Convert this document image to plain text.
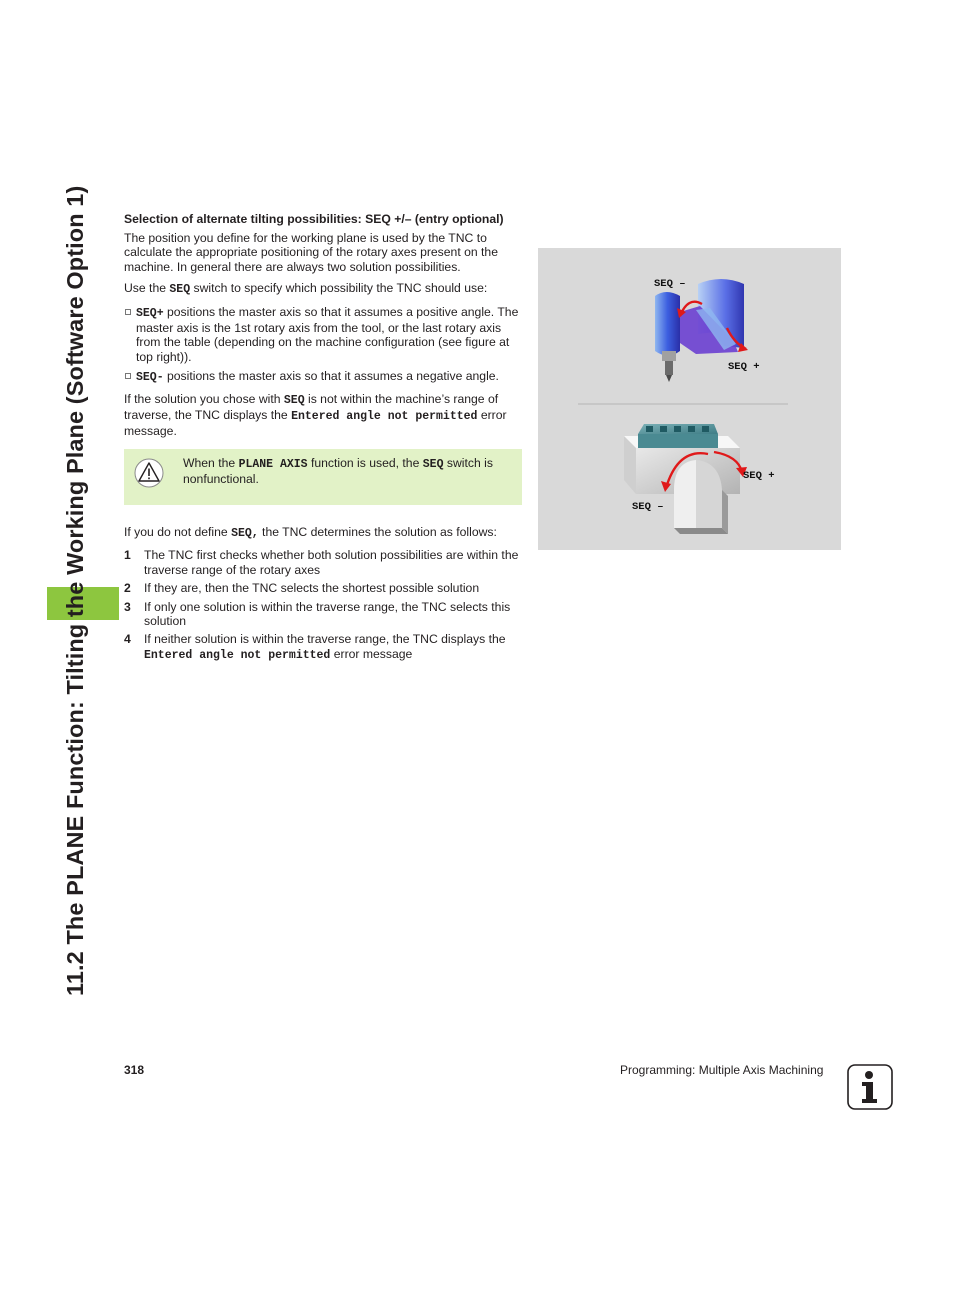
11.2 The PLANE Function: Tilting the Working Plane (Software Option 1)	Selection of alternate tilting possibilities: SEQ +/– (entry optional)

The position you define for the working plane is used by the TNC to calculate the appropriate positioning of the rotary axes present on the machine. In general there are always two solution possibilities.

Use the SEQ switch to specify which possibility the TNC should use:

SEQ+ positions the master axis so that it assumes a positive angle. The master axis is the 1st rotary axis from the tool, or the last rotary axis from the table (depending on the machine configuration (see figure at top right)).
SEQ- positions the master axis so that it assumes a negative angle.

If the solution you chose with SEQ is not within the machine’s range of traverse, the TNC displays the Entered angle not permitted error message.

When the PLANE AXIS function is used, the SEQ switch is nonfunctional.

If you do not define SEQ, the TNC determines the solution as follows:

1 The TNC first checks whether both solution possibilities are within the traverse range of the rotary axes
2 If they are, then the TNC selects the shortest possible solution
3 If only one solution is within the traverse range, the TNC selects this solution
4 If neither solution is within the traverse range, the TNC displays the Entered angle not permitted error message
SEQ –
SEQ +
SEQ +
SEQ –
318	Programming: Multiple Axis Machining
